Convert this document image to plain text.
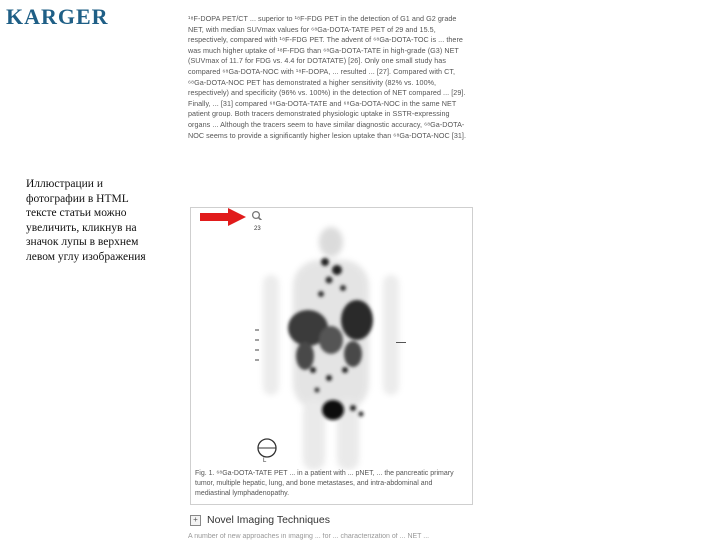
KARGER
Иллюстрации и фотографии в HTML тексте статьи можно увеличить, кликнув на значок лупы в верхнем левом углу изображения

¹⁸F-DOPA PET/CT ... superior to ¹⁸F-FDG PET in the detection of G1 and G2 grade NET, with median SUVmax values for ⁶⁸Ga-DOTA-TATE PET of 29 and 15.5, respectively, compared with ¹⁸F-FDG PET. The advent of ⁶⁸Ga-DOTA-TOC is ... there was much higher uptake of ¹⁸F-FDG than ⁶⁸Ga-DOTA-TATE in high-grade (G3) NET (SUVmax of 11.7 for FDG vs. 4.4 for DOTATATE) [26]. Only one small study has compared ⁶⁸Ga-DOTA-NOC with ¹⁸F-DOPA, ... resulted ... [27]. Compared with CT, ⁶⁸Ga-DOTA-NOC PET has demonstrated a higher sensitivity (82% vs. 100%, respectively) and specificity (96% vs. 100%) in the detection of NET compared ... [29]. Finally, ... [31] compared ⁶⁸Ga-DOTA-TATE and ⁶⁸Ga-DOTA-NOC in the same NET patient group. Both tracers demonstrated physiologic uptake in SSTR-expressing organs ... Although the tracers seem to have similar diagnostic accuracy, ⁶⁸Ga-DOTA-NOC seems to provide a significantly higher lesion uptake than ⁶⁸Ga-DOTA-NOC [31].

23
L
Fig. 1. ⁶⁸Ga-DOTA-TATE PET ... in a patient with ... pNET, ... the pancreatic primary tumor, multiple hepatic, lung, and bone metastases, and intra-abdominal and mediastinal lymphadenopathy.
+ Novel Imaging Techniques
A number of new approaches in imaging ... for ... characterization of ... NET ...
